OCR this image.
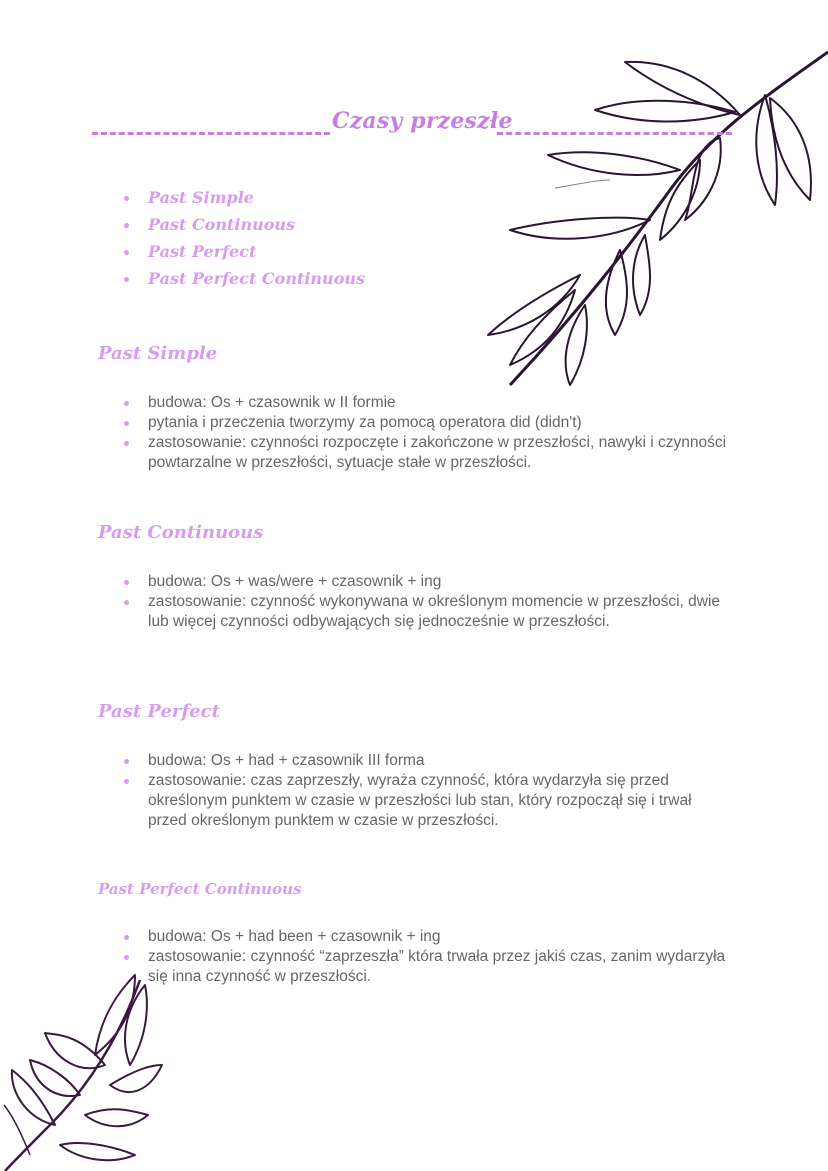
Czasy przeszłe
Past Simple
Past Continuous
Past Perfect
Past Perfect Continuous
Past Simple
budowa: Os + czasownik w II formie
pytania i przeczenia tworzymy za pomocą operatora did (didn't)
zastosowanie: czynności rozpoczęte i zakończone w przeszłości, nawyki i czynności powtarzalne w przeszłości, sytuacje stałe w przeszłości.
Past Continuous
budowa: Os + was/were + czasownik + ing
zastosowanie: czynność wykonywana w określonym momencie w przeszłości, dwie lub więcej czynności odbywających się jednocześnie w przeszłości.
Past Perfect
budowa: Os + had + czasownik III forma
zastosowanie: czas zaprzeszły, wyraża czynność, która wydarzyła się przed określonym punktem w czasie w przeszłości lub stan, który rozpoczął się i trwał przed określonym punktem w czasie w przeszłości.
Past Perfect Continuous
budowa: Os + had been + czasownik + ing
zastosowanie: czynność “zaprzeszła” która trwała przez jakiś czas, zanim wydarzyła się inna czynność w przeszłości.
